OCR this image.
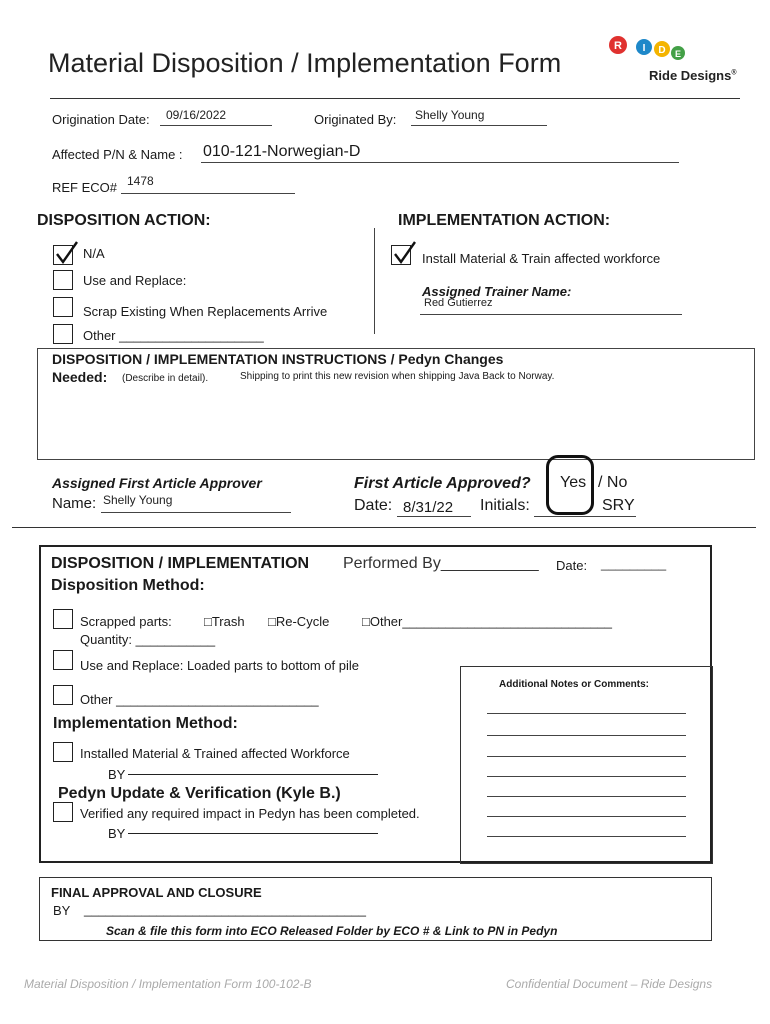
Material Disposition / Implementation Form
R I D E
Ride Designs®
Origination Date: 09/16/2022	Originated By: Shelly Young
Affected P/N & Name : 010-121-Norwegian-D
REF ECO# 1478
DISPOSITION ACTION:
N/A
Use and Replace:
Scrap Existing When Replacements Arrive
Other ____________________
IMPLEMENTATION ACTION:
Install Material & Train affected workforce
Assigned Trainer Name:
Red Gutierrez
DISPOSITION / IMPLEMENTATION INSTRUCTIONS / Pedyn Changes
Needed: (Describe in detail).	Shipping to print this new revision when shipping Java Back to Norway.
Assigned First Article Approver
Name: Shelly Young
First Article Approved? Yes / No
Date: 8/31/22 Initials:	SRY
DISPOSITION / IMPLEMENTATION Performed By___________ Date: _________
Disposition Method:
Scrapped parts: □Trash □Re-Cycle	□Other_____________________________
Quantity: ___________
Use and Replace: Loaded parts to bottom of pile
Other ____________________________
Implementation Method:
Installed Material & Trained affected Workforce
BY
Pedyn Update & Verification (Kyle B.)
Verified any required impact in Pedyn has been completed.
BY
Additional Notes or Comments:
FINAL APPROVAL AND CLOSURE
BY _______________________________________
Scan & file this form into ECO Released Folder by ECO # & Link to PN in Pedyn
Material Disposition / Implementation Form 100-102-B	Confidential Document – Ride Designs
